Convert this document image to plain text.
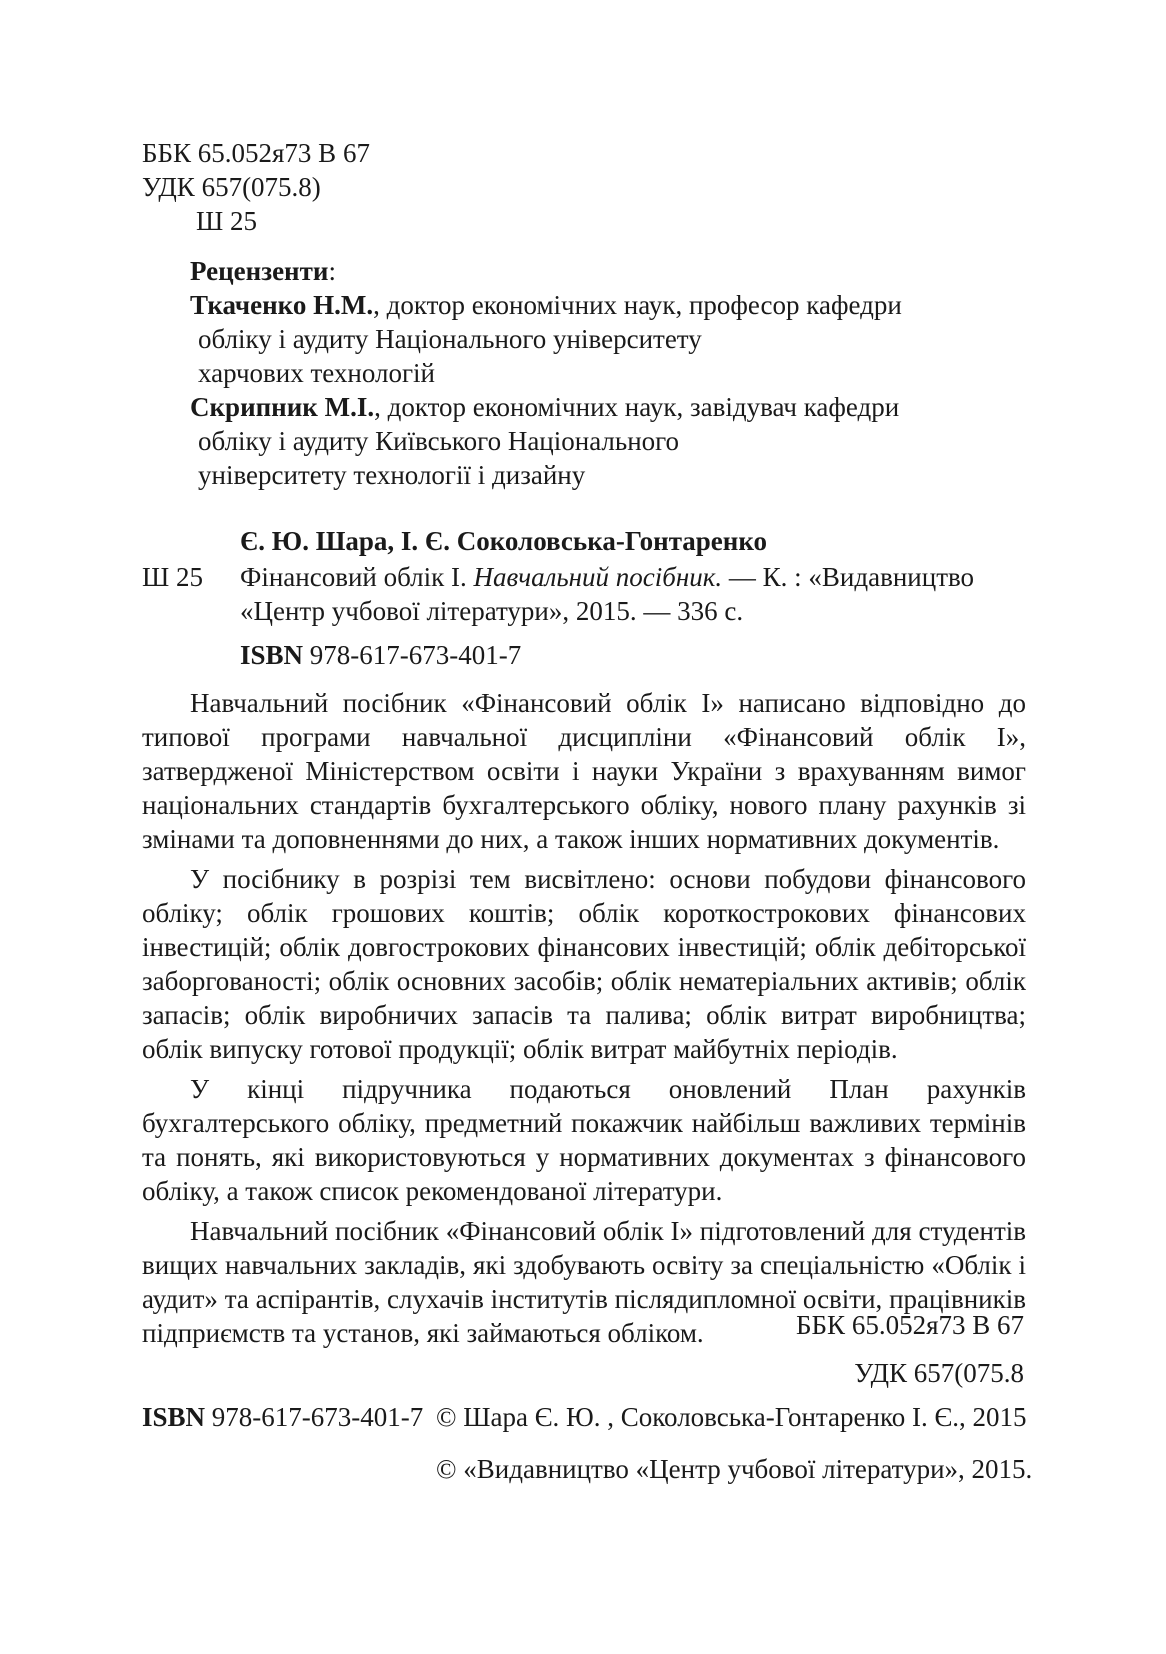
ББК 65.052я73 В 67
УДК 657(075.8)
Ш 25
Рецензенти:
Ткаченко Н.М., доктор економічних наук, професор кафедри
обліку і аудиту Національного університету
харчових технологій
Скрипник М.І., доктор економічних наук, завідувач кафедри
обліку і аудиту Київського Національного
університету технології і дизайну
Є. Ю. Шара, І. Є. Соколовська-Гонтаренко
Ш 25 Фінансовий облік I. Навчальний посібник. — К. : «Видавництво
«Центр учбової літератури», 2015. — 336 с.
ISBN 978-617-673-401-7

Навчальний посібник «Фінансовий облік І» написано відповідно до типової програми навчальної дисципліни «Фінансовий облік І», затвердженої Міністерством освіти і науки України з врахуванням вимог національних стандартів бухгалтерського обліку, нового плану рахунків зі змінами та доповненнями до них, а також інших нормативних документів.

У посібнику в розрізі тем висвітлено: основи побудови фінансового обліку; облік грошових коштів; облік короткострокових фінансових інвестицій; облік довгострокових фінансових інвестицій; облік дебіторської заборгованості; облік основних засобів; облік нематеріальних активів; облік запасів; облік виробничих запасів та палива; облік витрат виробництва; облік випуску готової продукції; облік витрат майбутніх періодів.

У кінці підручника подаються оновлений План рахунків бухгалтерського обліку, предметний покажчик найбільш важливих термінів та понять, які використовуються у нормативних документах з фінансового обліку, а також список рекомендованої літератури.

Навчальний посібник «Фінансовий облік І» підготовлений для студентів вищих навчальних закладів, які здобувають освіту за спеціальністю «Облік і аудит» та аспірантів, слухачів інститутів післядипломної освіти, працівників підприємств та установ, які займаються обліком.	ББК 65.052я73 В 67
УДК 657(075.8
ISBN 978-617-673-401-7 © Шара Є. Ю. , Соколовська-Гонтаренко І. Є., 2015
© «Видавництво «Центр учбової літератури», 2015.
